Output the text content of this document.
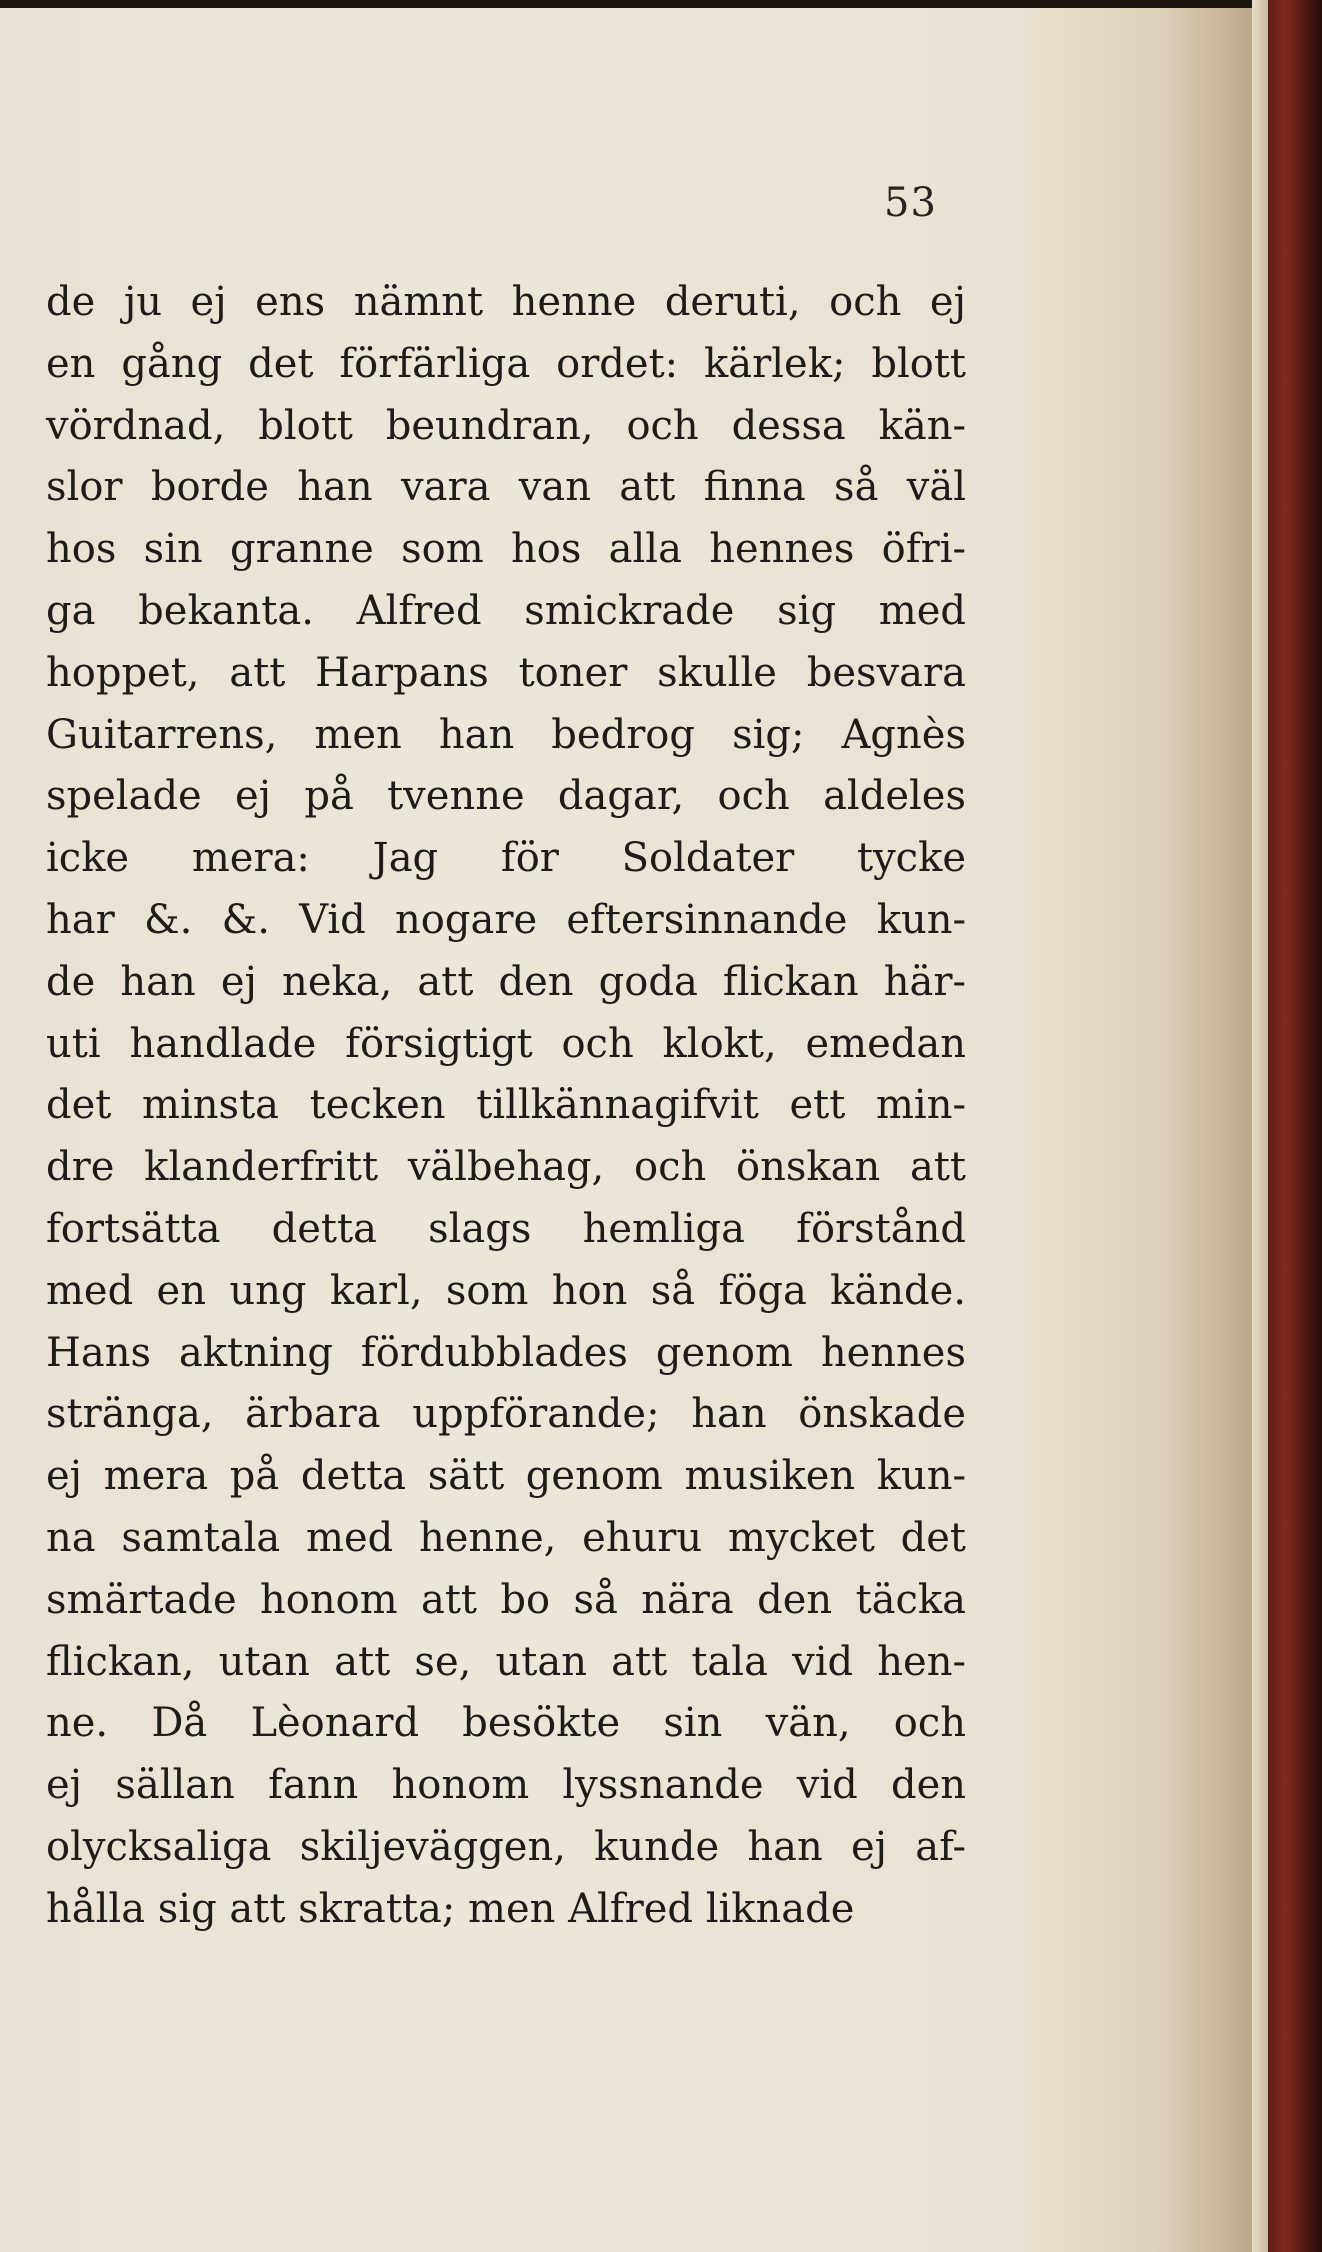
53
de ju ej ens nämnt henne deruti, och ej
en gång det förfärliga ordet: kärlek; blott
vördnad, blott beundran, och dessa kän-
slor borde han vara van att finna så väl
hos sin granne som hos alla hennes öfri-
ga bekanta. Alfred smickrade sig med
hoppet, att Harpans toner skulle besvara
Guitarrens, men han bedrog sig; Agnès
spelade ej på tvenne dagar, och aldeles
icke mera: Jag för Soldater tycke
har &. &. Vid nogare eftersinnande kun-
de han ej neka, att den goda flickan här-
uti handlade försigtigt och klokt, emedan
det minsta tecken tillkännagifvit ett min-
dre klanderfritt välbehag, och önskan att
fortsätta detta slags hemliga förstånd
med en ung karl, som hon så föga kände.
Hans aktning fördubblades genom hennes
stränga, ärbara uppförande; han önskade
ej mera på detta sätt genom musiken kun-
na samtala med henne, ehuru mycket det
smärtade honom att bo så nära den täcka
flickan, utan att se, utan att tala vid hen-
ne. Då Lèonard besökte sin vän, och
ej sällan fann honom lyssnande vid den
olycksaliga skiljeväggen, kunde han ej af-
hålla sig att skratta; men Alfred liknade
